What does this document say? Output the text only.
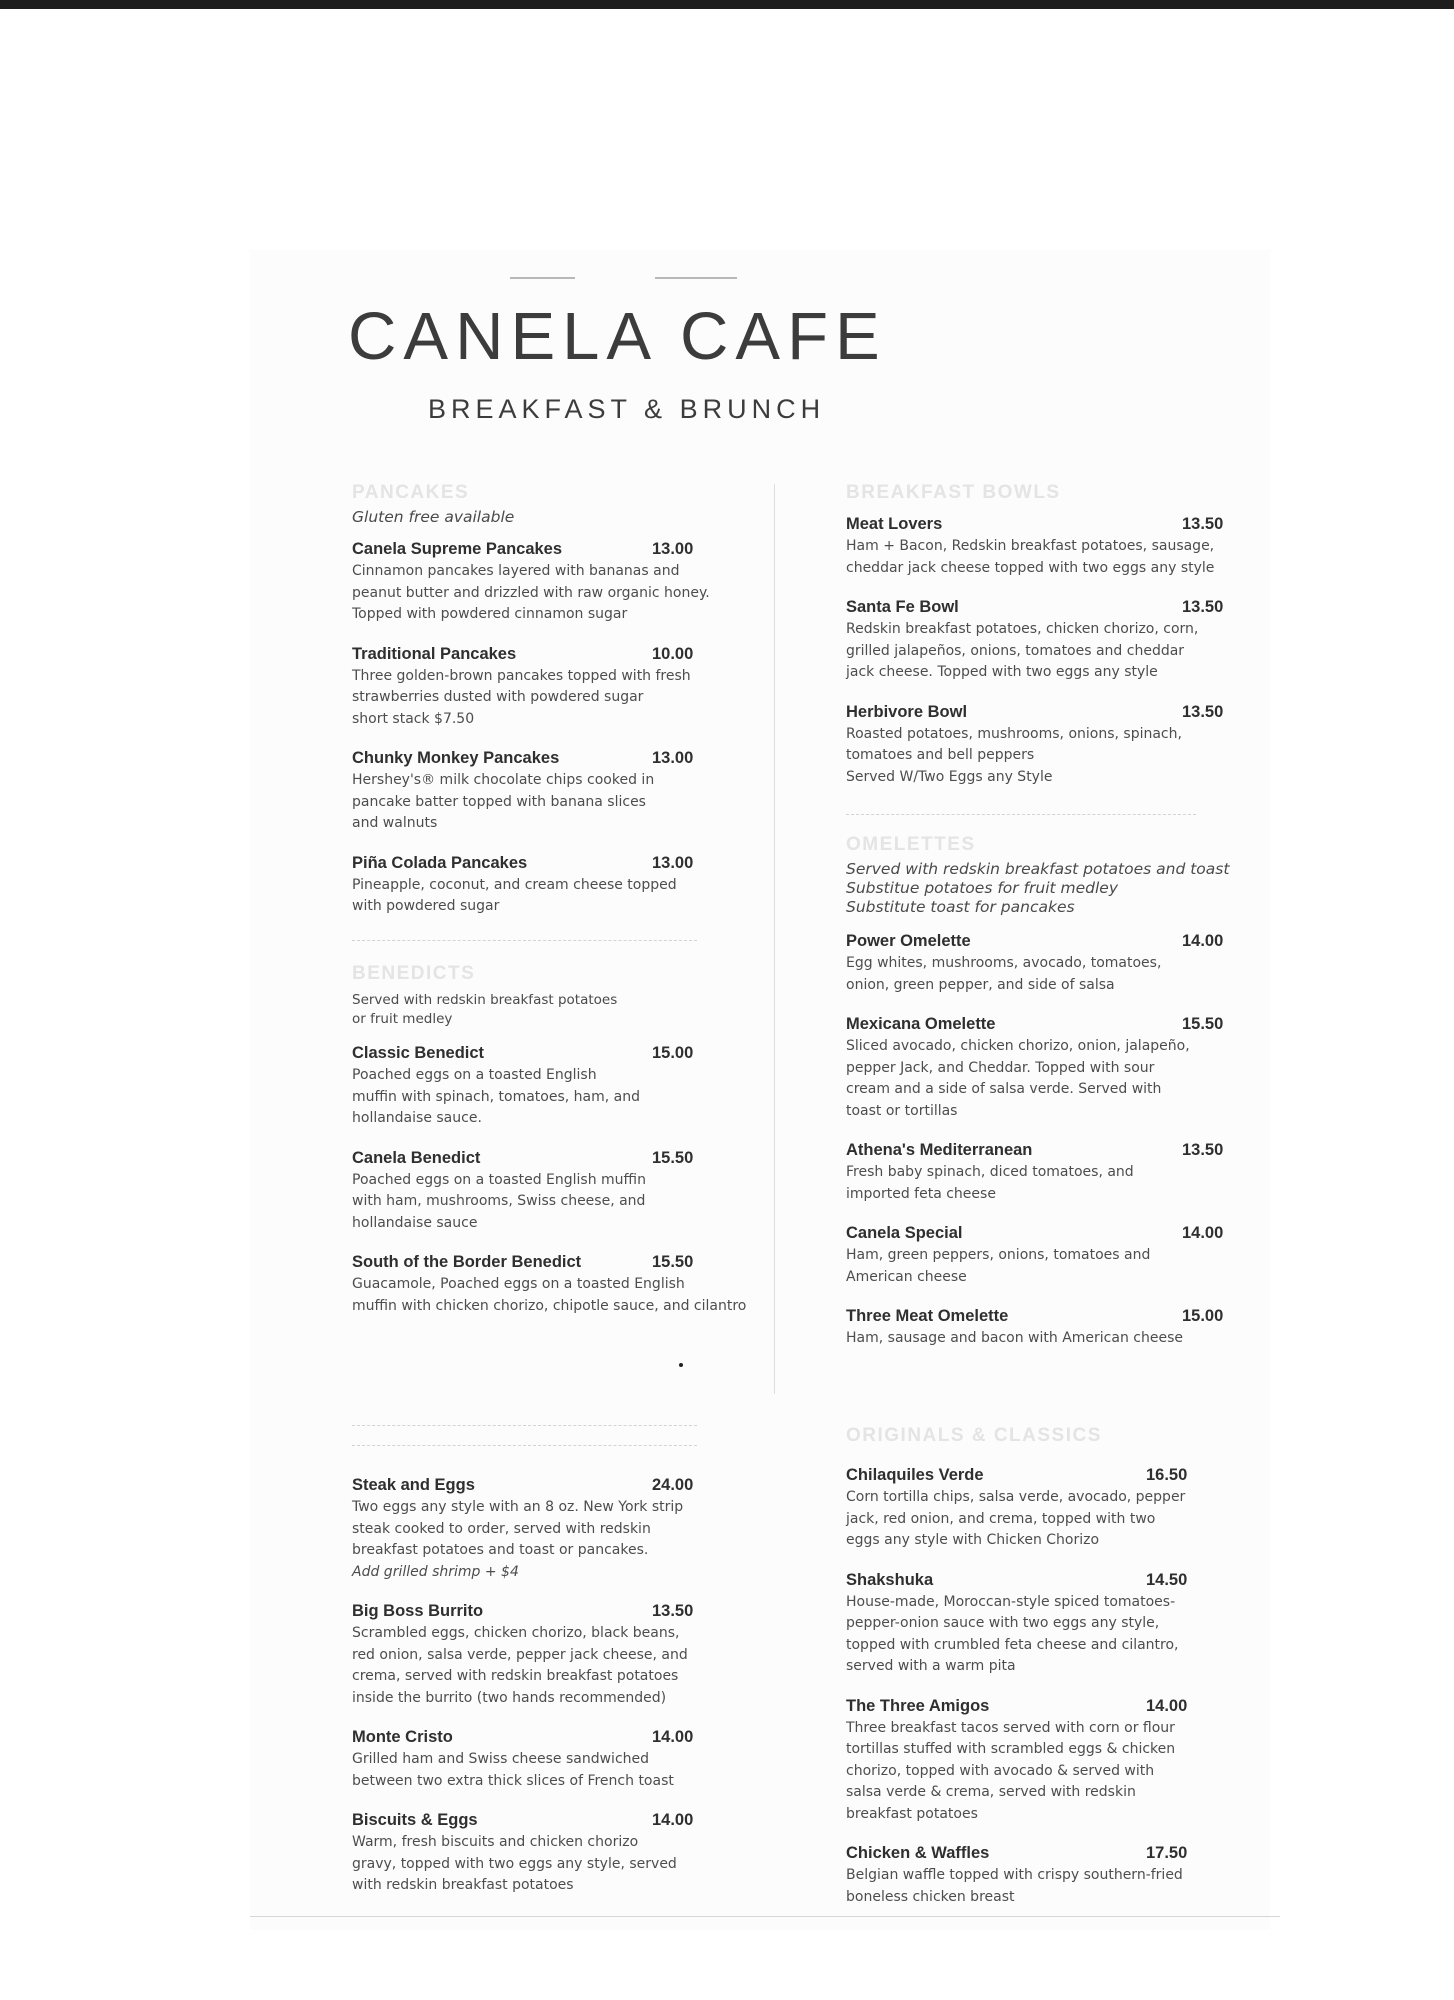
CANELA CAFE
BREAKFAST & BRUNCH
PANCAKES
Gluten free available
Canela Supreme Pancakes	13.00
Cinnamon pancakes layered with bananas and
peanut butter and drizzled with raw organic honey.
Topped with powdered cinnamon sugar
Traditional Pancakes	10.00
Three golden-brown pancakes topped with fresh
strawberries dusted with powdered sugar
short stack $7.50
Chunky Monkey Pancakes	13.00
Hershey's® milk chocolate chips cooked in
pancake batter topped with banana slices
and walnuts
Piña Colada Pancakes	13.00
Pineapple, coconut, and cream cheese topped
with powdered sugar
BENEDICTS
Served with redskin breakfast potatoes
or fruit medley
Classic Benedict	15.00
Poached eggs on a toasted English
muffin with spinach, tomatoes, ham, and
hollandaise sauce.
Canela Benedict	15.50
Poached eggs on a toasted English muffin
with ham, mushrooms, Swiss cheese, and
hollandaise sauce
South of the Border Benedict	15.50
Guacamole, Poached eggs on a toasted English
muffin with chicken chorizo, chipotle sauce, and cilantro
Steak and Eggs	24.00
Two eggs any style with an 8 oz. New York strip
steak cooked to order, served with redskin
breakfast potatoes and toast or pancakes.
Add grilled shrimp + $4
Big Boss Burrito	13.50
Scrambled eggs, chicken chorizo, black beans,
red onion, salsa verde, pepper jack cheese, and
crema, served with redskin breakfast potatoes
inside the burrito (two hands recommended)
Monte Cristo	14.00
Grilled ham and Swiss cheese sandwiched
between two extra thick slices of French toast
Biscuits & Eggs	14.00
Warm, fresh biscuits and chicken chorizo
gravy, topped with two eggs any style, served
with redskin breakfast potatoes
BREAKFAST BOWLS
Meat Lovers	13.50
Ham + Bacon, Redskin breakfast potatoes, sausage,
cheddar jack cheese topped with two eggs any style
Santa Fe Bowl	13.50
Redskin breakfast potatoes, chicken chorizo, corn,
grilled jalapeños, onions, tomatoes and cheddar
jack cheese. Topped with two eggs any style
Herbivore Bowl	13.50
Roasted potatoes, mushrooms, onions, spinach,
tomatoes and bell peppers
Served W/Two Eggs any Style
OMELETTES
Served with redskin breakfast potatoes and toast
Substitue potatoes for fruit medley
Substitute toast for pancakes
Power Omelette	14.00
Egg whites, mushrooms, avocado, tomatoes,
onion, green pepper, and side of salsa
Mexicana Omelette	15.50
Sliced avocado, chicken chorizo, onion, jalapeño,
pepper Jack, and Cheddar. Topped with sour
cream and a side of salsa verde. Served with
toast or tortillas
Athena's Mediterranean	13.50
Fresh baby spinach, diced tomatoes, and
imported feta cheese
Canela Special	14.00
Ham, green peppers, onions, tomatoes and
American cheese
Three Meat Omelette	15.00
Ham, sausage and bacon with American cheese
ORIGINALS & CLASSICS
Chilaquiles Verde	16.50
Corn tortilla chips, salsa verde, avocado, pepper
jack, red onion, and crema, topped with two
eggs any style with Chicken Chorizo
Shakshuka	14.50
House-made, Moroccan-style spiced tomatoes-
pepper-onion sauce with two eggs any style,
topped with crumbled feta cheese and cilantro,
served with a warm pita
The Three Amigos	14.00
Three breakfast tacos served with corn or flour
tortillas stuffed with scrambled eggs & chicken
chorizo, topped with avocado & served with
salsa verde & crema, served with redskin
breakfast potatoes
Chicken & Waffles	17.50
Belgian waffle topped with crispy southern-fried
boneless chicken breast
